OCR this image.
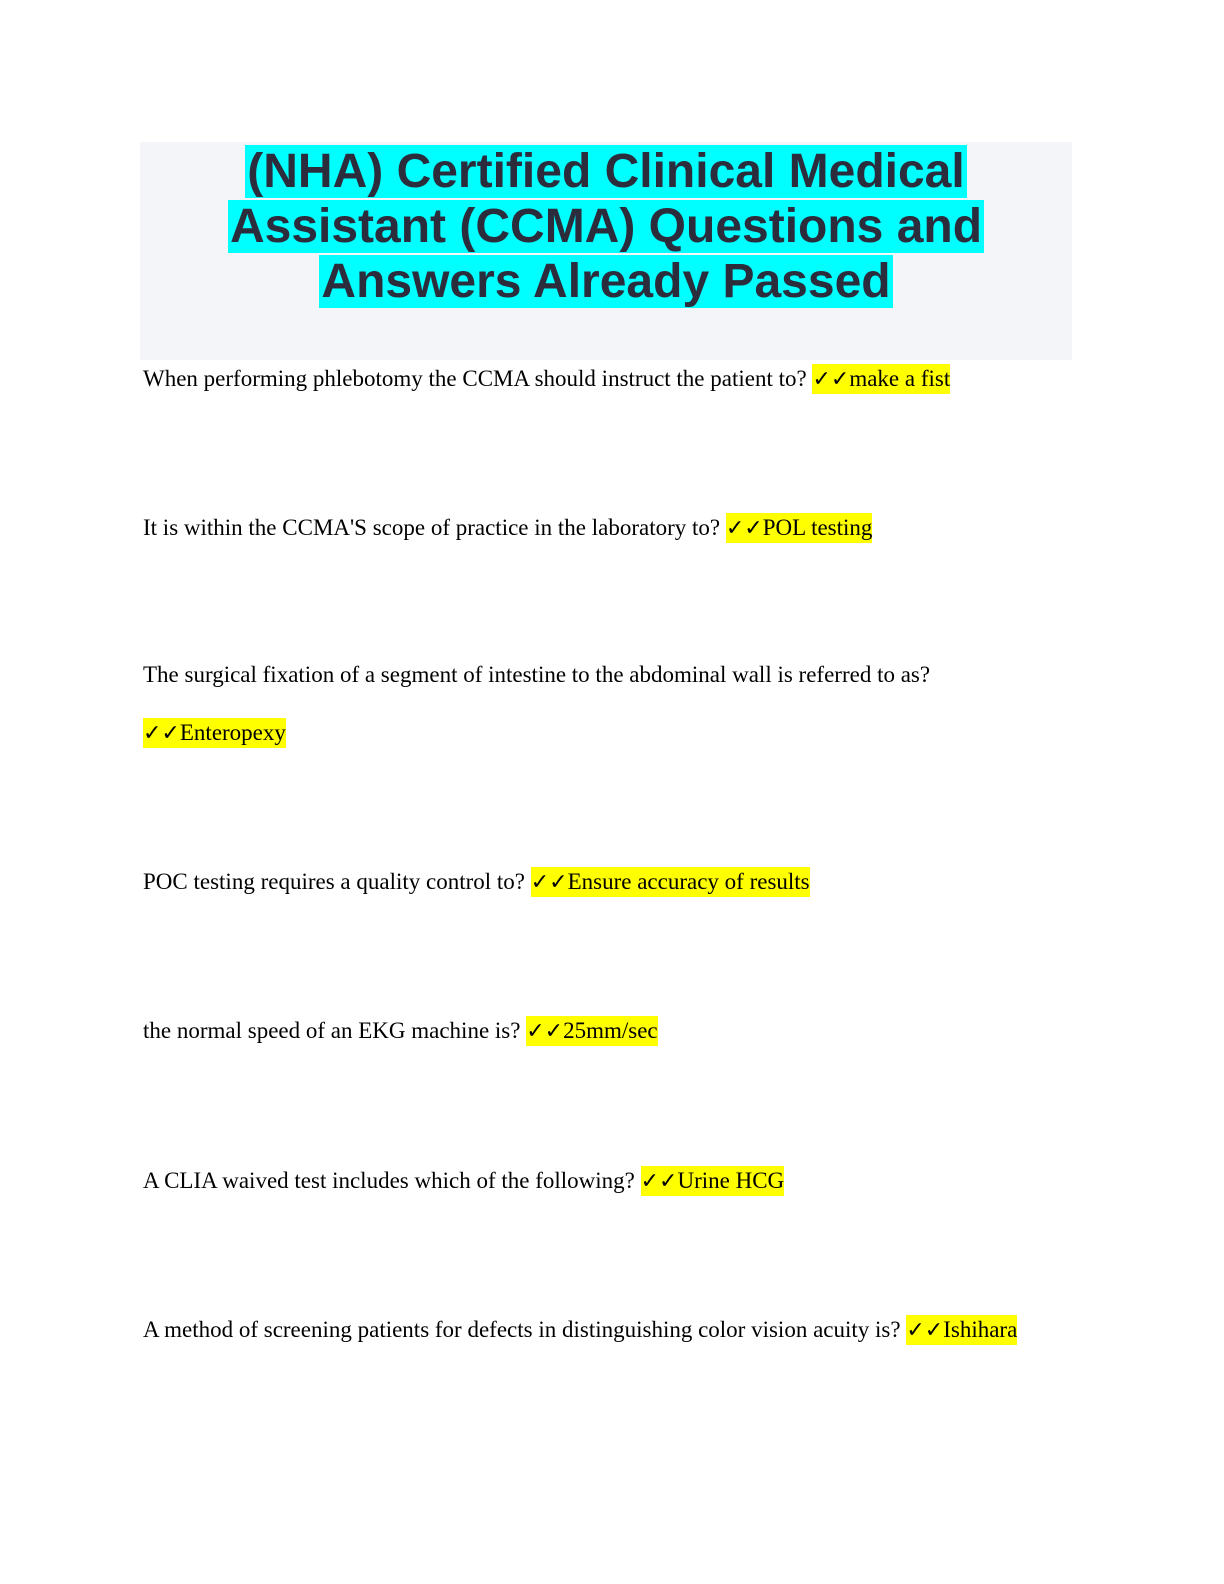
(NHA) Certified Clinical Medical
Assistant (CCMA) Questions and
Answers Already Passed
When performing phlebotomy the CCMA should instruct the patient to? ✓✓make a fist
It is within the CCMA'S scope of practice in the laboratory to? ✓✓POL testing
The surgical fixation of a segment of intestine to the abdominal wall is referred to as?
✓✓Enteropexy
POC testing requires a quality control to? ✓✓Ensure accuracy of results
the normal speed of an EKG machine is? ✓✓25mm/sec
A CLIA waived test includes which of the following? ✓✓Urine HCG
A method of screening patients for defects in distinguishing color vision acuity is? ✓✓Ishihara
